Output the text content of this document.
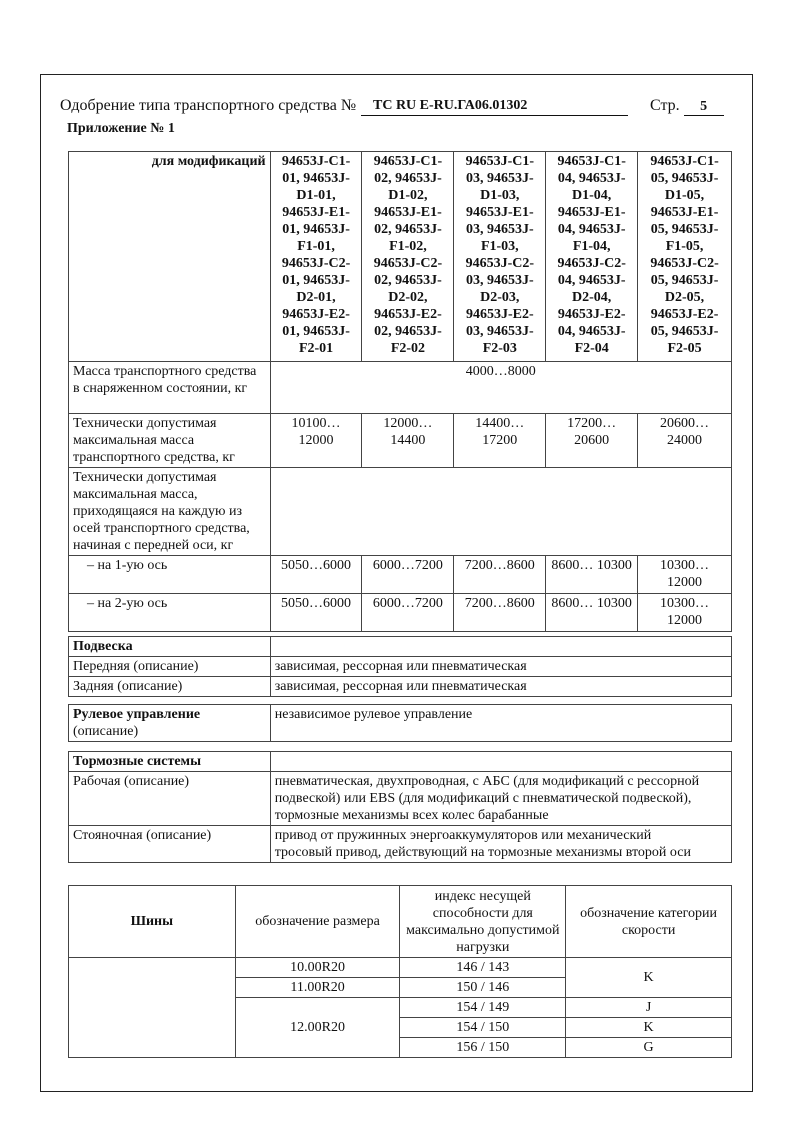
Одобрение типа транспортного средства №	ТС RU E-RU.ГА06.01302	Стр. 5
Приложение № 1
для модификаций	94653J-C1-01, 94653J-D1-01, 94653J-E1-01, 94653J-F1-01, 94653J-C2-01, 94653J-D2-01, 94653J-E2-01, 94653J-F2-01	94653J-C1-02, 94653J-D1-02, 94653J-E1-02, 94653J-F1-02, 94653J-C2-02, 94653J-D2-02, 94653J-E2-02, 94653J-F2-02	94653J-C1-03, 94653J-D1-03, 94653J-E1-03, 94653J-F1-03, 94653J-C2-03, 94653J-D2-03, 94653J-E2-03, 94653J-F2-03	94653J-C1-04, 94653J-D1-04, 94653J-E1-04, 94653J-F1-04, 94653J-C2-04, 94653J-D2-04, 94653J-E2-04, 94653J-F2-04	94653J-C1-05, 94653J-D1-05, 94653J-E1-05, 94653J-F1-05, 94653J-C2-05, 94653J-D2-05, 94653J-E2-05, 94653J-F2-05
Масса транспортного средства в снаряженном состоянии, кг	4000…8000				
Технически допустимая максимальная масса транспортного средства, кг	10100… 12000	12000… 14400	14400… 17200	17200… 20600	20600… 24000
Технически допустимая максимальная масса, приходящаяся на каждую из осей транспортного средства, начиная с передней оси, кг					
– на 1-ую ось	5050…6000	6000…7200	7200…8600	8600… 10300	10300… 12000
– на 2-ую ось	5050…6000	6000…7200	7200…8600	8600… 10300	10300… 12000
Подвеска	
Передняя (описание)	зависимая, рессорная или пневматическая
Задняя (описание)	зависимая, рессорная или пневматическая
Рулевое управление
(описание)	независимое рулевое управление
Тормозные системы	
Рабочая (описание)	пневматическая, двухпроводная, с АБС (для модификаций с рессорной подвеской) или EBS (для модификаций с пневматической подвеской), тормозные механизмы всех колес барабанные
Стояночная (описание)	привод от пружинных энергоаккумуляторов или механический тросовый привод, действующий на тормозные механизмы второй оси
Шины	обозначение размера	индекс несущей способности для максимально допустимой нагрузки	обозначение категории скорости
	10.00R20	146 / 143	K
	11.00R20	150 / 146	
	12.00R20	154 / 149	J
		154 / 150	K
		156 / 150	G
